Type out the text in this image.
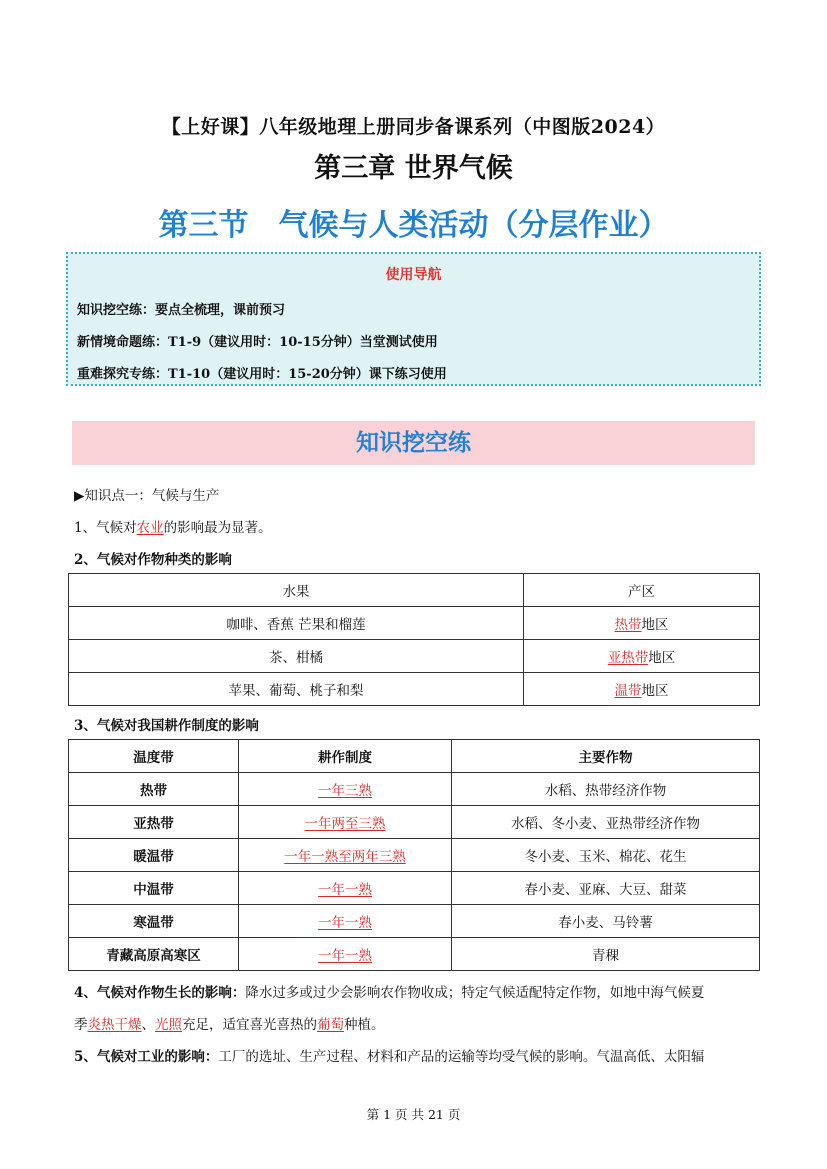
【上好课】八年级地理上册同步备课系列（中图版2024）
第三章 世界气候
第三节　气候与人类活动（分层作业）
使用导航
知识挖空练：要点全梳理，课前预习
新情境命题练：T1-9（建议用时：10-15分钟）当堂测试使用
重难探究专练：T1-10（建议用时：15-20分钟）课下练习使用
知识挖空练
▶知识点一：气候与生产
1、气候对农业的影响最为显著。
2、气候对作物种类的影响
水果	产区
咖啡、香蕉 芒果和榴莲	热带地区
茶、柑橘	亚热带地区
苹果、葡萄、桃子和梨	温带地区
3、气候对我国耕作制度的影响
温度带	耕作制度	主要作物
热带	一年三熟	水稻、热带经济作物
亚热带	一年两至三熟	水稻、冬小麦、亚热带经济作物
暖温带	一年一熟至两年三熟	冬小麦、玉米、棉花、花生
中温带	一年一熟	春小麦、亚麻、大豆、甜菜
寒温带	一年一熟	春小麦、马铃薯
青藏高原高寒区	一年一熟	青稞
4、气候对作物生长的影响：降水过多或过少会影响农作物收成；特定气候适配特定作物，如地中海气候夏
季炎热干燥、光照充足，适宜喜光喜热的葡萄种植。
5、气候对工业的影响：工厂的选址、生产过程、材料和产品的运输等均受气候的影响。气温高低、太阳辐
第 1 页 共 21 页
